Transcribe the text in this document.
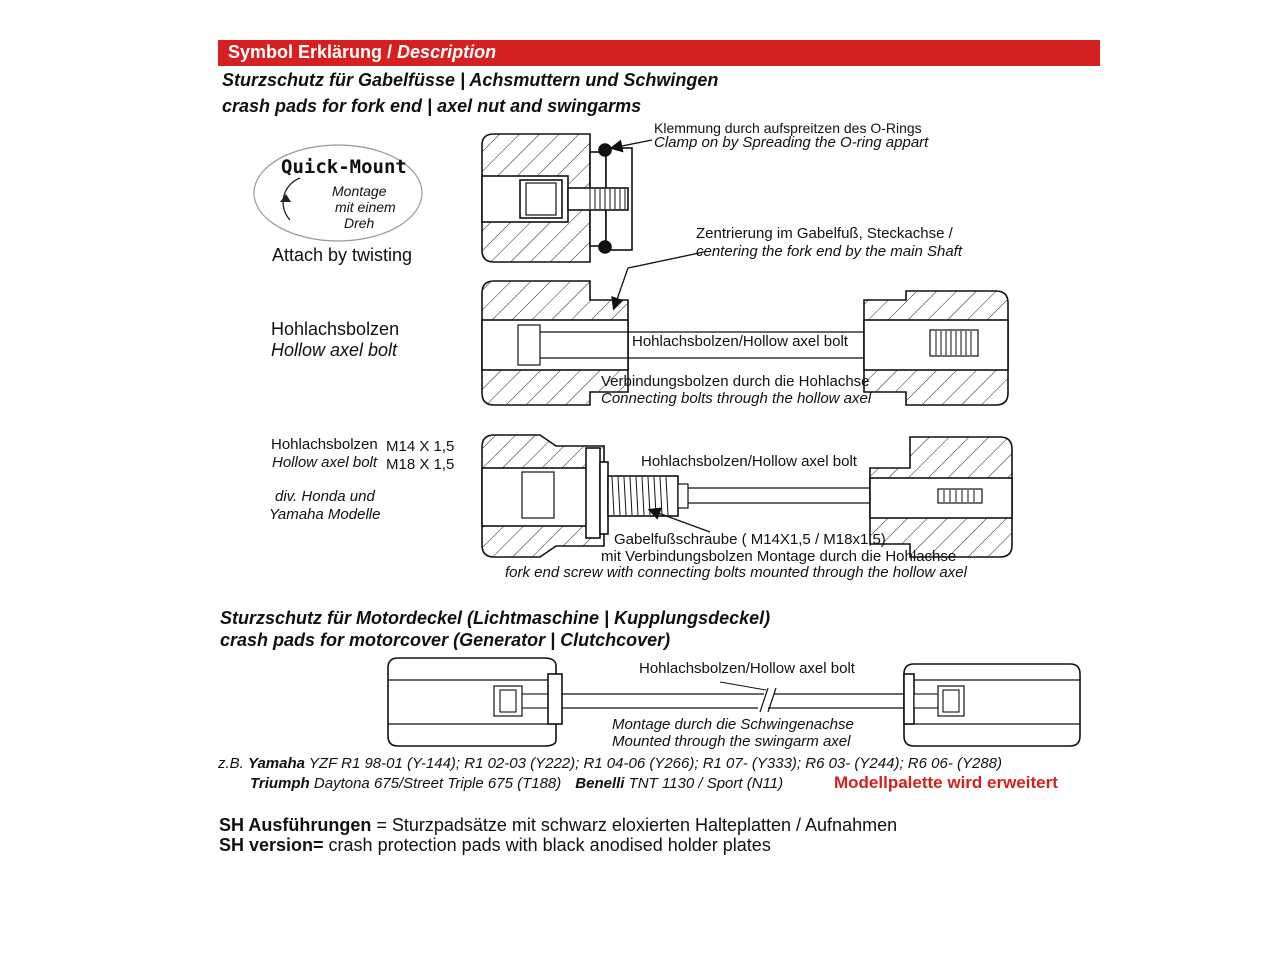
Symbol Erklärung / Description
Sturzschutz für Gabelfüsse | Achsmuttern und Schwingen
crash pads for fork end | axel nut and swingarms
Quick-Mount
Montage
mit einem
Dreh
Attach by twisting
Klemmung durch aufspreitzen des O-Rings
Clamp on by Spreading the O-ring appart
Zentrierung im Gabelfuß, Steckachse /
centering the fork end by the main Shaft
Hohlachsbolzen
Hollow axel bolt	Hohlachsbolzen/Hollow axel bolt
Verbindungsbolzen durch die Hohlachse
Connecting bolts through the hollow axel
Hohlachsbolzen
Hollow axel bolt
M14 X 1,5
M18 X 1,5
div. Honda und
Yamaha Modelle
Hohlachsbolzen/Hollow axel bolt
Gabelfußschraube ( M14X1,5 / M18x1,5)
mit Verbindungsbolzen Montage durch die Hohlachse
fork end screw with connecting bolts mounted through the hollow axel
Sturzschutz für Motordeckel (Lichtmaschine | Kupplungsdeckel)
crash pads for motorcover (Generator | Clutchcover)
Hohlachsbolzen/Hollow axel bolt
Montage durch die Schwingenachse
Mounted through the swingarm axel
z.B. Yamaha YZF R1 98-01 (Y-144); R1 02-03 (Y222); R1 04-06 (Y266); R1 07- (Y333); R6 03- (Y244); R6 06- (Y288)
Triumph Daytona 675/Street Triple 675 (T188) Benelli TNT 1130 / Sport (N11)	Modellpalette wird erweitert
SH Ausführungen = Sturzpadsätze mit schwarz eloxierten Halteplatten / Aufnahmen
SH version= crash protection pads with black anodised holder plates
